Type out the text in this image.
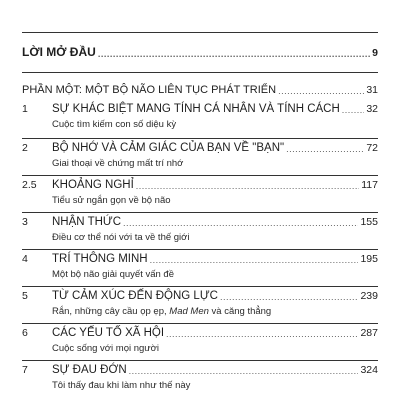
LỜI MỞ ĐẦU .....	9
PHẦN MỘT: MỘT BỘ NÃO LIÊN TỤC PHÁT TRIỂN .....	31
1	SỰ KHÁC BIỆT MANG TÍNH CÁ NHÂN VÀ TÍNH CÁCH .....	32
Cuộc tìm kiếm con số diệu kỳ
2	BỘ NHỚ VÀ CẢM GIÁC CỦA BẠN VỀ "BẠN" .....	72
Giai thoại về chứng mất trí nhớ
2.5	KHOẢNG NGHỈ .....	117
Tiểu sử ngắn gọn về bộ não
3	NHẬN THỨC .....	155
Điều cơ thể nói với ta về thế giới
4	TRÍ THÔNG MINH .....	195
Một bộ não giải quyết vấn đề
5	TỪ CẢM XÚC ĐẾN ĐỘNG LỰC .....	239
Rắn, những cây cầu ọp ẹp, Mad Men và căng thẳng
6	CÁC YẾU TỐ XÃ HỘI .....	287
Cuộc sống với mọi người
7	SỰ ĐAU ĐỚN .....	324
Tôi thấy đau khi làm như thế này
